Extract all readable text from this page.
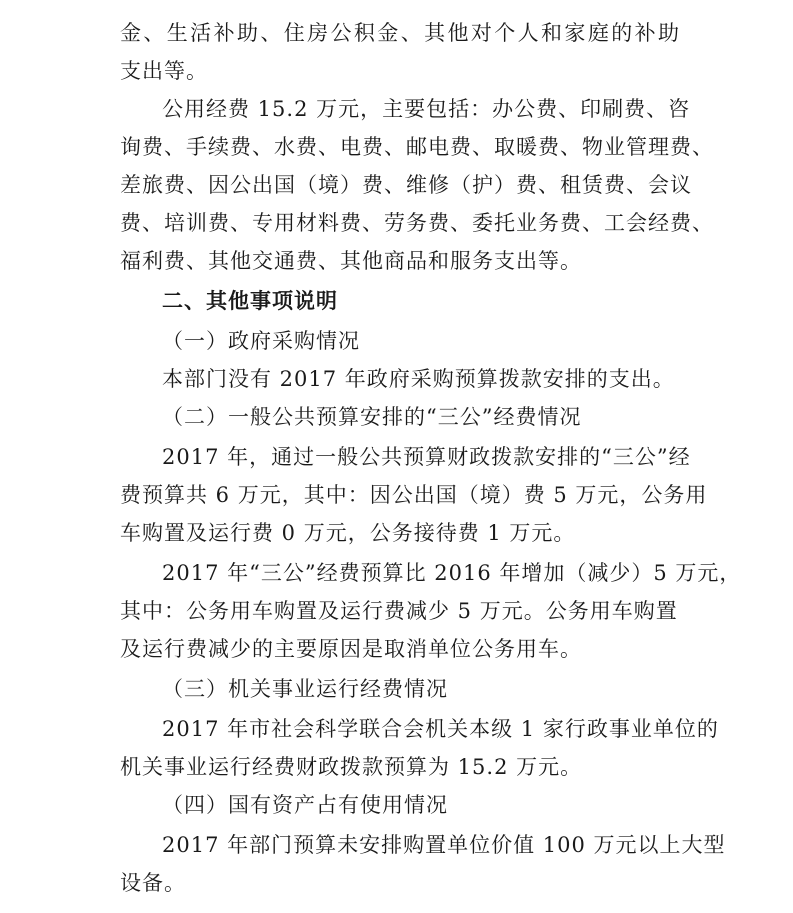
金、生活补助、住房公积金、其他对个人和家庭的补助
支出等。
公用经费 15.2 万元，主要包括：办公费、印刷费、咨
询费、手续费、水费、电费、邮电费、取暖费、物业管理费、
差旅费、因公出国（境）费、维修（护）费、租赁费、会议
费、培训费、专用材料费、劳务费、委托业务费、工会经费、
福利费、其他交通费、其他商品和服务支出等。
二、其他事项说明
（一）政府采购情况
本部门没有 2017 年政府采购预算拨款安排的支出。
（二）一般公共预算安排的“三公”经费情况
2017 年，通过一般公共预算财政拨款安排的“三公”经
费预算共 6 万元，其中：因公出国（境）费 5 万元，公务用
车购置及运行费 0 万元，公务接待费 1 万元。
2017 年“三公”经费预算比 2016 年增加（减少）5 万元，
其中：公务用车购置及运行费减少 5 万元。公务用车购置
及运行费减少的主要原因是取消单位公务用车。
（三）机关事业运行经费情况
2017 年市社会科学联合会机关本级 1 家行政事业单位的
机关事业运行经费财政拨款预算为 15.2 万元。
（四）国有资产占有使用情况
2017 年部门预算未安排购置单位价值 100 万元以上大型
设备。
